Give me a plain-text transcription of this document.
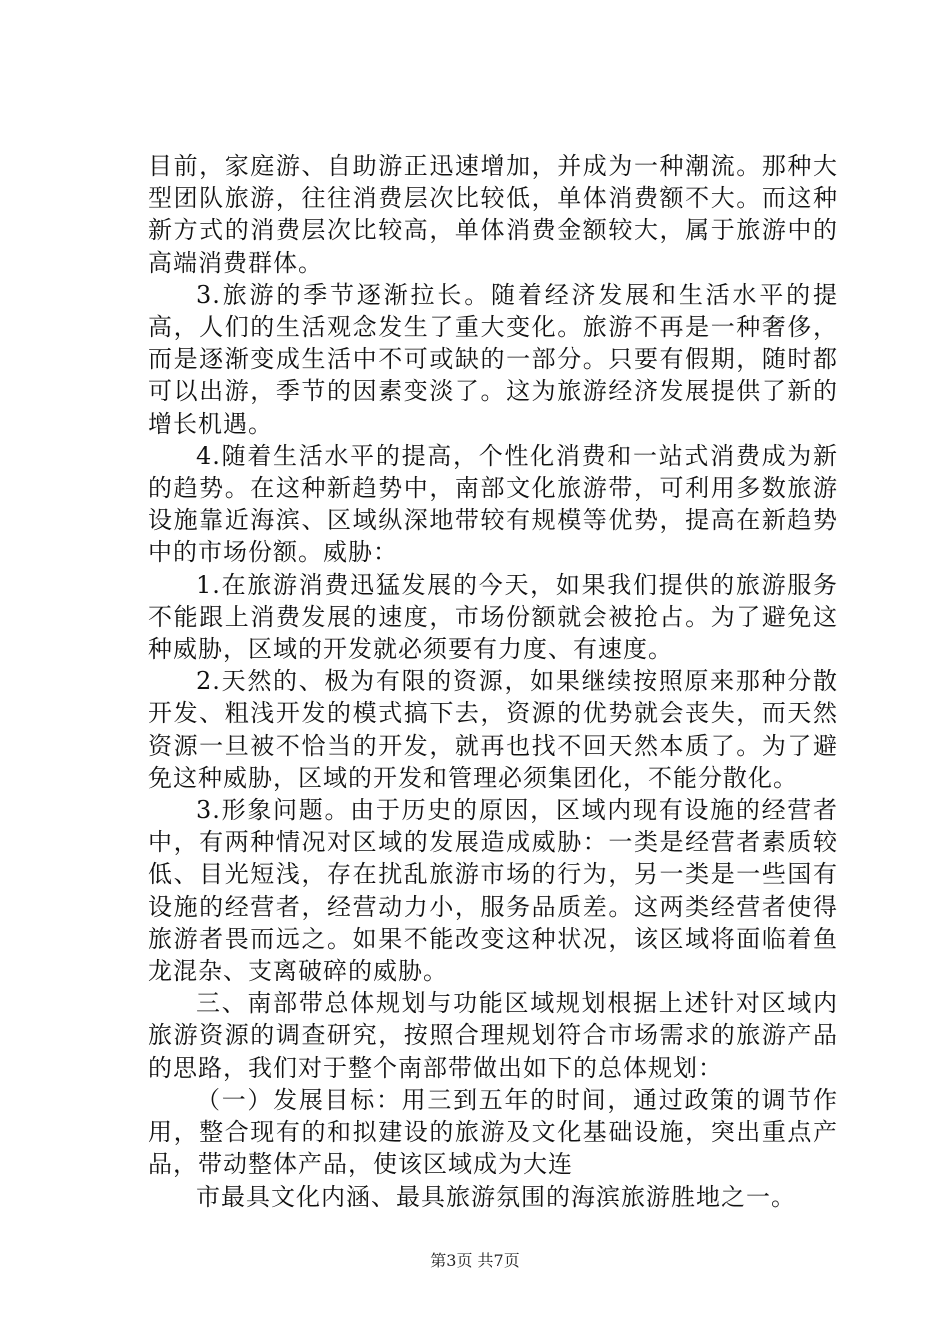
目前，家庭游、自助游正迅速增加，并成为一种潮流。那种大型团队旅游，往往消费层次比较低，单体消费额不大。而这种新方式的消费层次比较高，单体消费金额较大，属于旅游中的高端消费群体。

3.旅游的季节逐渐拉长。随着经济发展和生活水平的提高，人们的生活观念发生了重大变化。旅游不再是一种奢侈，而是逐渐变成生活中不可或缺的一部分。只要有假期，随时都可以出游，季节的因素变淡了。这为旅游经济发展提供了新的增长机遇。

4.随着生活水平的提高，个性化消费和一站式消费成为新的趋势。在这种新趋势中，南部文化旅游带，可利用多数旅游设施靠近海滨、区域纵深地带较有规模等优势，提高在新趋势中的市场份额。威胁：

1.在旅游消费迅猛发展的今天，如果我们提供的旅游服务不能跟上消费发展的速度，市场份额就会被抢占。为了避免这种威胁，区域的开发就必须要有力度、有速度。

2.天然的、极为有限的资源，如果继续按照原来那种分散开发、粗浅开发的模式搞下去，资源的优势就会丧失，而天然资源一旦被不恰当的开发，就再也找不回天然本质了。为了避免这种威胁，区域的开发和管理必须集团化，不能分散化。

3.形象问题。由于历史的原因，区域内现有设施的经营者中，有两种情况对区域的发展造成威胁：一类是经营者素质较低、目光短浅，存在扰乱旅游市场的行为，另一类是一些国有设施的经营者，经营动力小，服务品质差。这两类经营者使得旅游者畏而远之。如果不能改变这种状况，该区域将面临着鱼龙混杂、支离破碎的威胁。

三、南部带总体规划与功能区域规划根据上述针对区域内旅游资源的调查研究，按照合理规划符合市场需求的旅游产品的思路，我们对于整个南部带做出如下的总体规划：

（一）发展目标：用三到五年的时间，通过政策的调节作用，整合现有的和拟建设的旅游及文化基础设施，突出重点产品，带动整体产品，使该区域成为大连

市最具文化内涵、最具旅游氛围的海滨旅游胜地之一。

第3页 共7页
